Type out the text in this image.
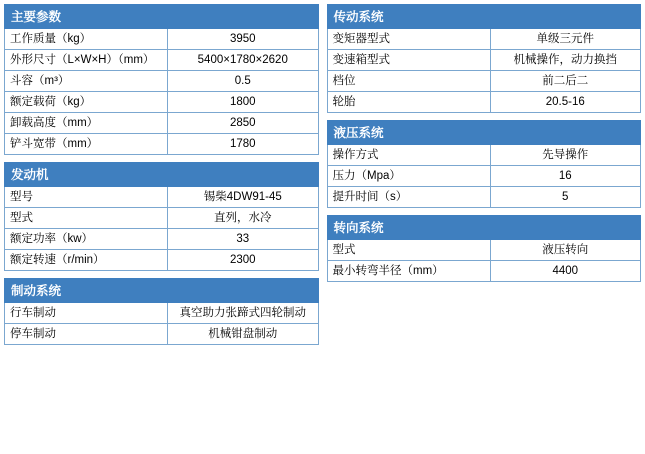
主要参数	
工作质量（kg）	3950
外形尺寸（L×W×H）（mm）	5400×1780×2620
斗容（m³）	0.5
额定载荷（kg）	1800
卸载高度（mm）	2850
铲斗宽带（mm）	1780
发动机	
型号	锡柴4DW91-45
型式	直列，水冷
额定功率（kw）	33
额定转速（r/min）	2300
制动系统	
行车制动	真空助力张蹄式四轮制动
停车制动	机械钳盘制动
传动系统	
变矩器型式	单级三元件
变速箱型式	机械操作，动力换挡
档位	前二后二
轮胎	20.5-16
液压系统	
操作方式	先导操作
压力（Mpa）	16
提升时间（s）	5
转向系统	
型式	液压转向
最小转弯半径（mm）	4400
